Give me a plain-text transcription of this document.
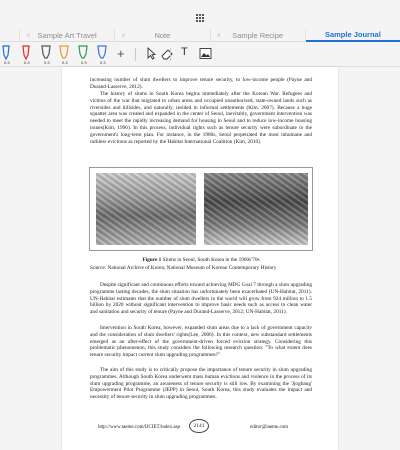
× Sample Art Travel	×	Note	× Sample Recipe	Sample Journal
0.3	0.3	0.3	0.3	0.3	0.3
+	T

increasing number of slum dwellers to improve tenure security, to low-income people (Payne and Durand-Lasserve, 2012).

The history of slums in South Korea begins immediately after the Korean War. Refugees and victims of the war that migrated to urban areas and occupied unauthorized, state-owned lands such as riversides and hillsides, and naturally, resided in informal settlements (Kim, 2007). Because a huge squatter area was created and expanded in the center of Seoul, inevitably, government intervention was needed to meet the rapidly increasing demand for housing in Seoul and to reduce low-income housing issues(Kim, 1996). In this process, individual rights such as tenure security were subordinate to the government's long-term plan. For instance, in the 1980s, Seoul perpetrated the most inhumane and ruthless evictions as reported by the Habitat International Coalition (Kim, 2010).

Figure 1 Slums in Seoul, South Korea in the 1960s'70s

Source: National Archive of Korea; National Museum of Korean Contemporary History

Despite significant and continuous efforts toward achieving MDG Goal 7 through a slum upgrading programme lasting decades, the slum situation has unfortunately been exacerbated (UN-Habitat, 2011). UN-Habitat estimates that the number of slum dwellers in the world will grow from 924 million to 1.5 billion by 2020 without significant intervention to improve basic needs such as access to clean water and sanitation and security of tenure (Payne and Durand-Lasserve, 2012; UN-Habitat, 2011).

Intervention in South Korea, however, expanded slum areas due to a lack of government capacity and the consideration of slum dwellers' rights(Lee, 2006). In this context, new substandard settlements emerged as an after-effect of the government-driven forced eviction strategy. Considering this problematic phenomenon, this study considers the following research question: "To what extent does tenure security impact current slum upgrading programmes?"

The aim of this study is to critically propose the importance of tenure security in slum upgrading programmes. Although South Korea underwent mass human evictions and violence in the process of its slum upgrading programme, an awareness of tenure security is still low. By examining the 'Jjogbang' Empowerment Pilot Programme (JEPP) in Seoul, South Korea, this study evaluates the impact and necessity of tenure security in slum upgrading programmes.

http://www.taeme.com/IJCIET/index.asp	2141	editor@iaeme.com
